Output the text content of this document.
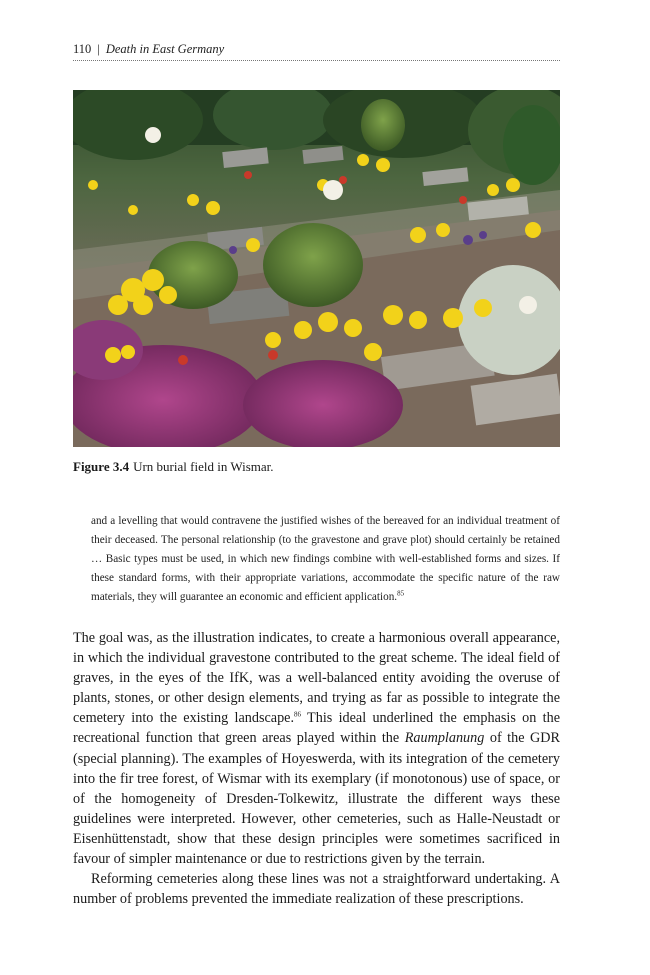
110 | Death in East Germany
Figure 3.4 Urn burial field in Wismar.
and a levelling that would contravene the justified wishes of the bereaved for an individual treatment of their deceased. The personal relationship (to the gravestone and grave plot) should certainly be retained … Basic types must be used, in which new findings combine with well-established forms and sizes. If these standard forms, with their appropriate variations, accommodate the specific nature of the raw materials, they will guarantee an economic and efficient application.$^{85}$

The goal was, as the illustration indicates, to create a harmonious overall appearance, in which the individual gravestone contributed to the great scheme. The ideal field of graves, in the eyes of the IfK, was a well-balanced entity avoiding the overuse of plants, stones, or other design elements, and trying as far as possible to integrate the cemetery into the existing landscape.$^{86}$ This ideal underlined the emphasis on the recreational function that green areas played within the Raumplanung of the GDR (special planning). The examples of Hoyeswerda, with its integration of the cemetery into the fir tree forest, of Wismar with its exemplary (if monotonous) use of space, or of the homogeneity of Dresden-Tolkewitz, illustrate the different ways these guidelines were interpreted. However, other cemeteries, such as Halle-Neustadt or Eisenhüttenstadt, show that these design principles were sometimes sacrificed in favour of simpler maintenance or due to restrictions given by the terrain.

Reforming cemeteries along these lines was not a straightforward undertaking. A number of problems prevented the immediate realization of these prescriptions.
